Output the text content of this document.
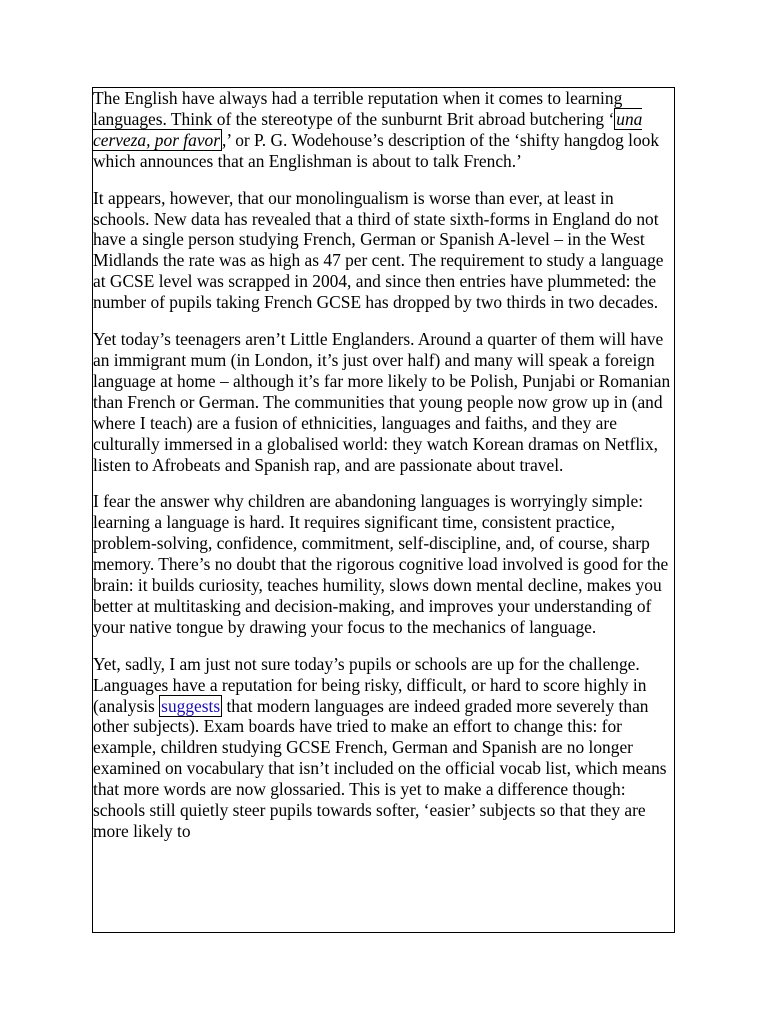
The English have always had a terrible reputation when it comes to learning languages. Think of the stereotype of the sunburnt Brit abroad butchering ‘ una cerveza, por favor ,’ or P. G. Wodehouse’s description of the ‘shifty hangdog look which announces that an Englishman is about to talk French.’

It appears, however, that our monolingualism is worse than ever, at least in schools. New data has revealed that a third of state sixth-forms in England do not have a single person studying French, German or Spanish A-level – in the West Midlands the rate was as high as 47 per cent. The requirement to study a language at GCSE level was scrapped in 2004, and since then entries have plummeted: the number of pupils taking French GCSE has dropped by two thirds in two decades.

Yet today’s teenagers aren’t Little Englanders. Around a quarter of them will have an immigrant mum (in London, it’s just over half) and many will speak a foreign language at home – although it’s far more likely to be Polish, Punjabi or Romanian than French or German. The communities that young people now grow up in (and where I teach) are a fusion of ethnicities, languages and faiths, and they are culturally immersed in a globalised world: they watch Korean dramas on Netflix, listen to Afrobeats and Spanish rap, and are passionate about travel.

I fear the answer why children are abandoning languages is worryingly simple: learning a language is hard. It requires significant time, consistent practice, problem-solving, confidence, commitment, self-discipline, and, of course, sharp memory. There’s no doubt that the rigorous cognitive load involved is good for the brain: it builds curiosity, teaches humility, slows down mental decline, makes you better at multitasking and decision-making, and improves your understanding of your native tongue by drawing your focus to the mechanics of language.

Yet, sadly, I am just not sure today’s pupils or schools are up for the challenge. Languages have a reputation for being risky, difficult, or hard to score highly in (analysis suggests that modern languages are indeed graded more severely than other subjects). Exam boards have tried to make an effort to change this: for example, children studying GCSE French, German and Spanish are no longer examined on vocabulary that isn’t included on the official vocab list, which means that more words are now glossaried. This is yet to make a difference though: schools still quietly steer pupils towards softer, ‘easier’ subjects so that they are more likely to
